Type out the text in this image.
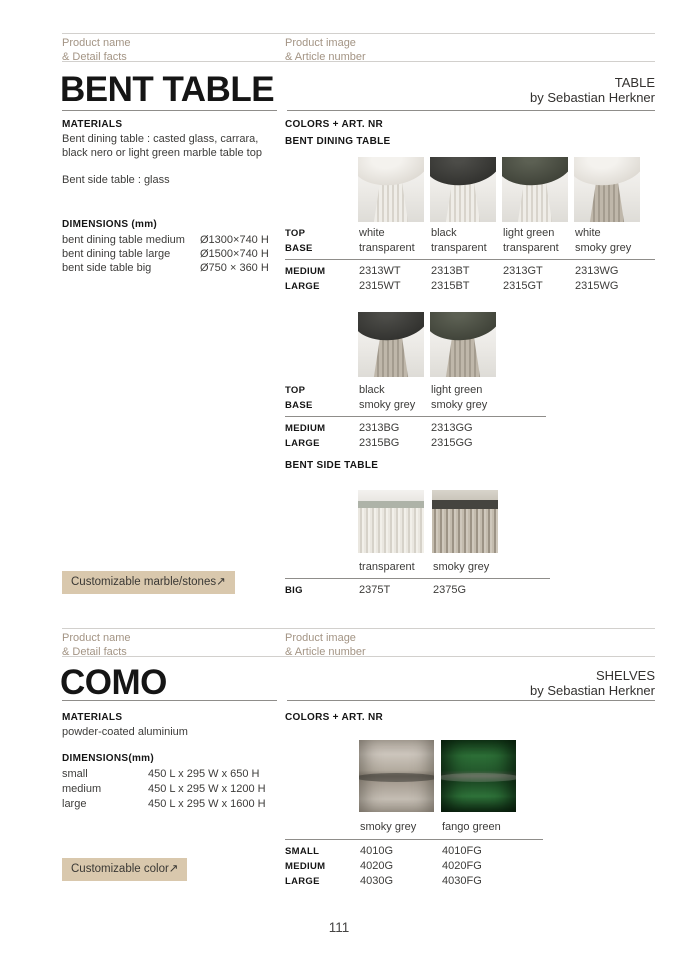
Product name
& Detail facts
Product image
& Article number
BENT TABLE	TABLE
by Sebastian Herkner
MATERIALS
Bent dining table : casted glass, carrara, black nero or light green marble table top
Bent side table : glass
DIMENSIONS (mm)
bent dining table medium	Ø1300×740 H
bent dining table large	Ø1500×740 H
bent side table big	Ø750 × 360 H
COLORS + ART. NR
BENT DINING TABLE
TOP	white	black	light green	white
BASE	transparent	transparent	transparent	smoky grey
MEDIUM	2313WT	2313BT	2313GT	2313WG
LARGE	2315WT	2315BT	2315GT	2315WG
TOP	black	light green
BASE	smoky grey	smoky grey
MEDIUM	2313BG	2313GG
LARGE	2315BG	2315GG
BENT SIDE TABLE
transparent	smoky grey
BIG	2375T	2375G
Customizable marble/stones↗
Product name
& Detail facts
Product image
& Article number
COMO	SHELVES
by Sebastian Herkner
MATERIALS
powder-coated aluminium
DIMENSIONS(mm)
small	450 L x 295 W x 650 H
medium	450 L x 295 W x 1200 H
large	450 L x 295 W x 1600 H
COLORS + ART. NR
smoky grey	fango green
SMALL	4010G	4010FG
MEDIUM	4020G	4020FG
LARGE	4030G	4030FG
Customizable color↗
111
